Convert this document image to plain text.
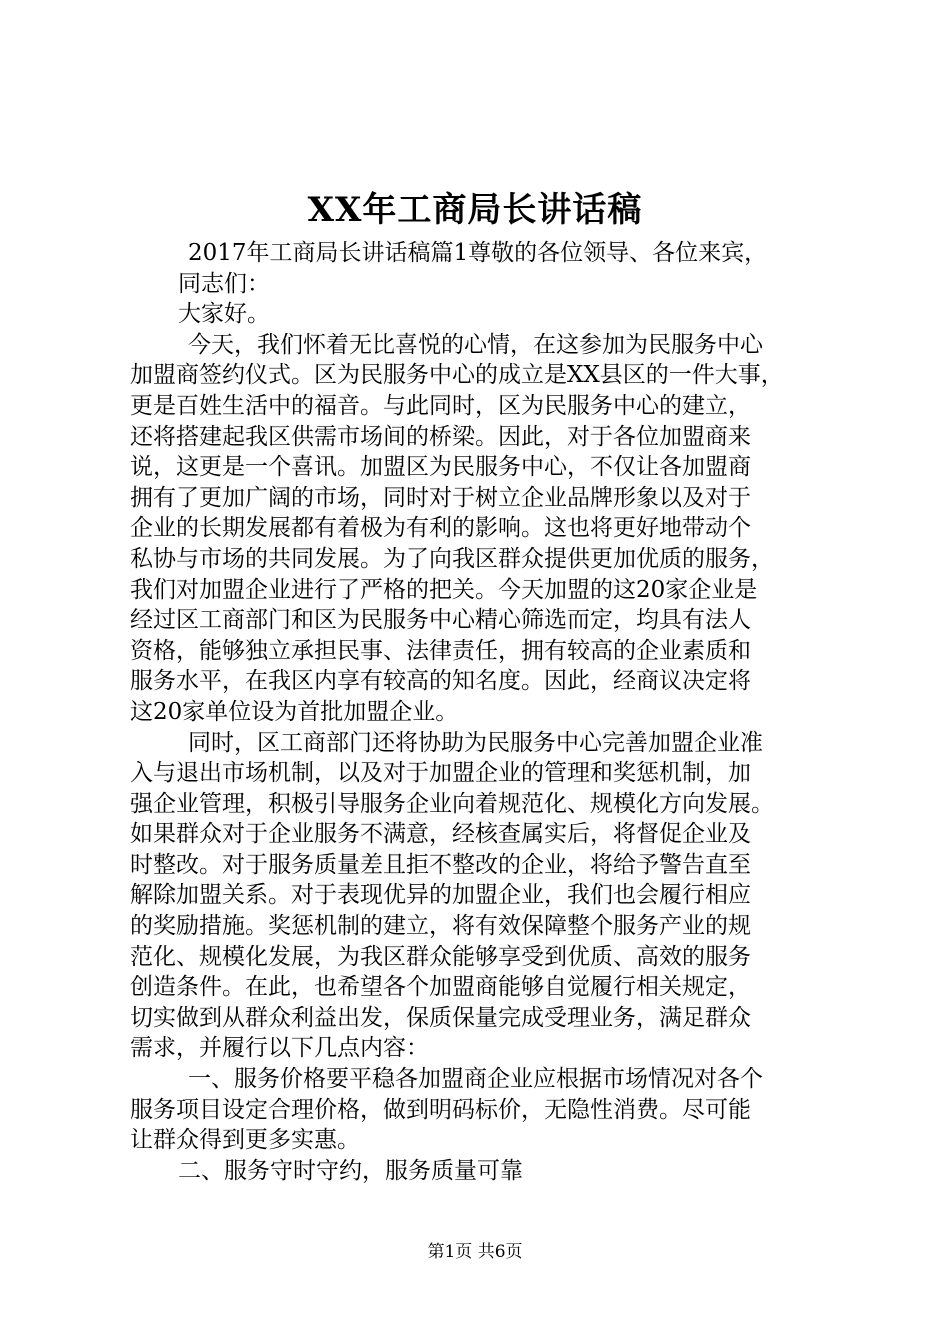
XX年工商局长讲话稿
2017年工商局长讲话稿篇1尊敬的各位领导、各位来宾，
同志们：
大家好。
今天，我们怀着无比喜悦的心情，在这参加为民服务中心
加盟商签约仪式。区为民服务中心的成立是XX县区的一件大事，
更是百姓生活中的福音。与此同时，区为民服务中心的建立，
还将搭建起我区供需市场间的桥梁。因此，对于各位加盟商来
说，这更是一个喜讯。加盟区为民服务中心，不仅让各加盟商
拥有了更加广阔的市场，同时对于树立企业品牌形象以及对于
企业的长期发展都有着极为有利的影响。这也将更好地带动个
私协与市场的共同发展。为了向我区群众提供更加优质的服务，
我们对加盟企业进行了严格的把关。今天加盟的这20家企业是
经过区工商部门和区为民服务中心精心筛选而定，均具有法人
资格，能够独立承担民事、法律责任，拥有较高的企业素质和
服务水平，在我区内享有较高的知名度。因此，经商议决定将
这20家单位设为首批加盟企业。
同时，区工商部门还将协助为民服务中心完善加盟企业准
入与退出市场机制，以及对于加盟企业的管理和奖惩机制，加
强企业管理，积极引导服务企业向着规范化、规模化方向发展。
如果群众对于企业服务不满意，经核查属实后，将督促企业及
时整改。对于服务质量差且拒不整改的企业，将给予警告直至
解除加盟关系。对于表现优异的加盟企业，我们也会履行相应
的奖励措施。奖惩机制的建立，将有效保障整个服务产业的规
范化、规模化发展，为我区群众能够享受到优质、高效的服务
创造条件。在此，也希望各个加盟商能够自觉履行相关规定，
切实做到从群众利益出发，保质保量完成受理业务，满足群众
需求，并履行以下几点内容：
一、服务价格要平稳各加盟商企业应根据市场情况对各个
服务项目设定合理价格，做到明码标价，无隐性消费。尽可能
让群众得到更多实惠。
二、服务守时守约，服务质量可靠
第1页 共6页
